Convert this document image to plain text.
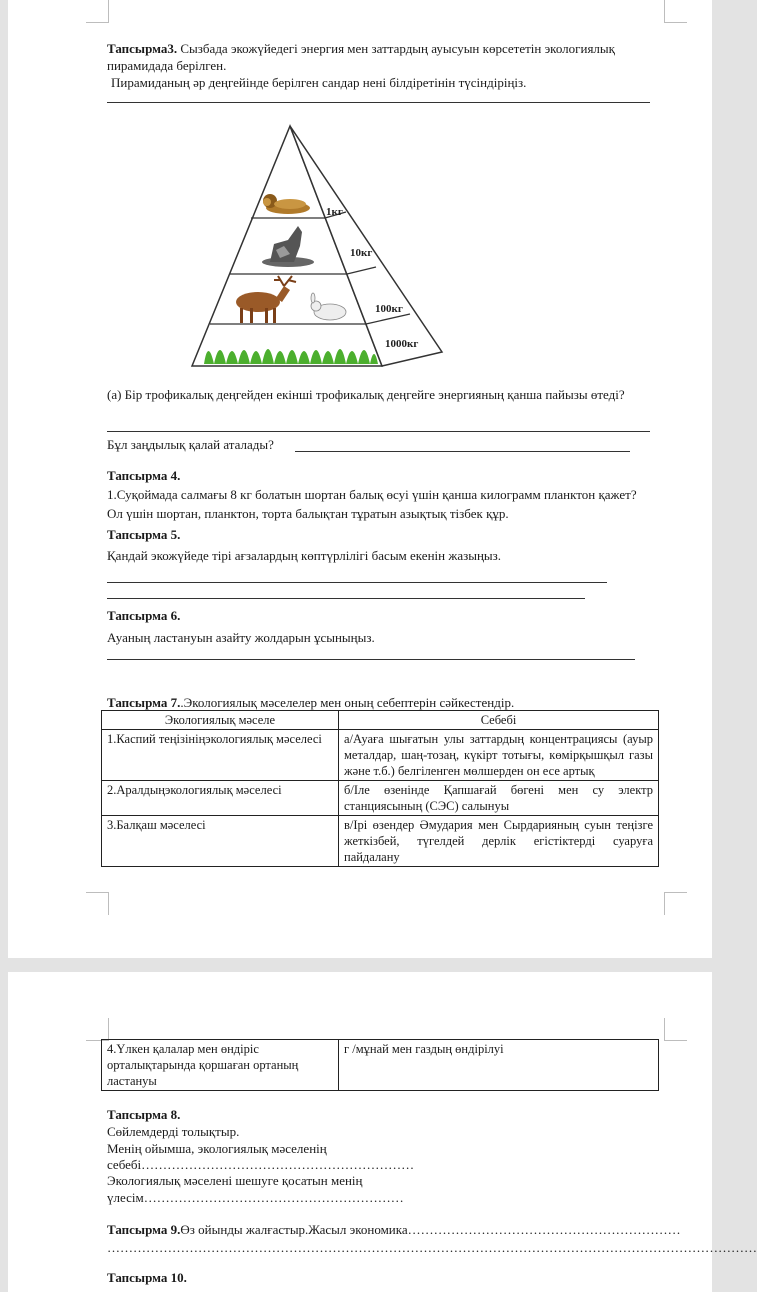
Тапсырма3. Сызбада экожүйедегі энергия мен заттардың ауысуын көрсететін экологиялық пирамидада берілген.

Пирамиданың әр деңгейінде берілген сандар нені білдіретінін түсіндіріңіз.

1кг
10кг
100кг
1000кг

(а) Бір трофикалық деңгейден екінші трофикалық деңгейге энергияның қанша пайызы өтеді?

Бұл заңдылық қалай аталады?

Тапсырма 4.

1.Суқоймада салмағы 8 кг болатын шортан балық өсуі үшін қанша килограмм планктон қажет? Ол үшін шортан, планктон, торта балықтан тұратын азықтық тізбек құр.

Тапсырма 5.

Қандай экожүйеде тірі ағзалардың көптүрлілігі басым екенін жазыңыз.

Тапсырма 6.

Ауаның ластануын азайту жолдарын ұсыныңыз.

Тапсырма 7..Экологиялық мәселелер мен оның себептерін сәйкестендір.

Экологиялық мәселе	Себебі
1.Каспий теңізініңэкологиялық мәселесі	а/Ауаға шығатын улы заттардың концентрациясы (ауыр металдар, шаң-тозаң, күкірт тотығы, көмірқышқыл газы және т.б.) белгіленген мөлшерден он есе артық
2.Аралдыңэкологиялық мәселесі	б/Іле өзенінде Қапшағай бөгені мен су электр станциясының (СЭС) салынуы
3.Балқаш мәселесі	в/Ірі өзендер Әмудария мен Сырдарияның суын теңізге жеткізбей, түгелдей дерлік егістіктерді суаруға пайдалану
4.Үлкен қалалар мен өндіріс орталықтарында қоршаған ортаның ластануы	г /мұнай мен газдың өндірілуі

Тапсырма 8.

Сөйлемдерді толықтыр.

Менің ойымша, экологиялық мәселенің

себебі………………………………………………………

Экологиялық мәселені шешуге қосатын менің

үлесім……………………………………………………

Тапсырма 9.Өз ойынды жалғастыр.Жасыл экономика………………………………………………………

……………………………………………………………………………………………………………………………………

Тапсырма 10.
